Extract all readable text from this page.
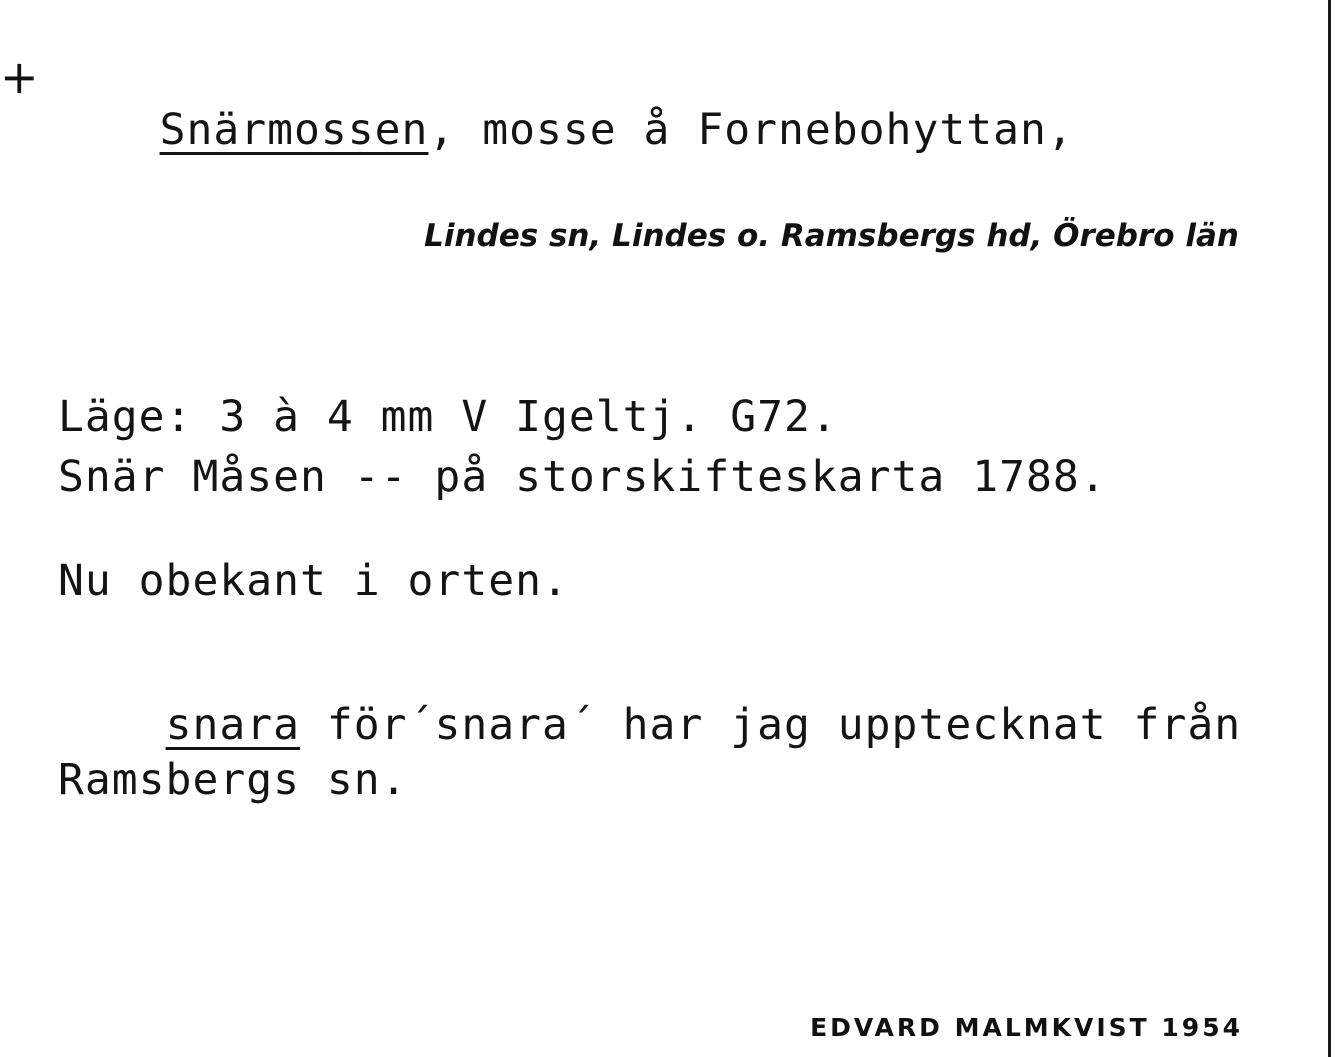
+

Snärmossen, mosse å Fornebohyttan,

Lindes sn, Lindes o. Ramsbergs hd, Örebro län
Läge: 3 à 4 mm V Igeltj. G72.
Snär Måsen -- på storskifteskarta 1788.
Nu obekant i orten.

snara för´snara´ har jag upptecknat från

Ramsbergs sn.
EDVARD MALMKVIST 1954
